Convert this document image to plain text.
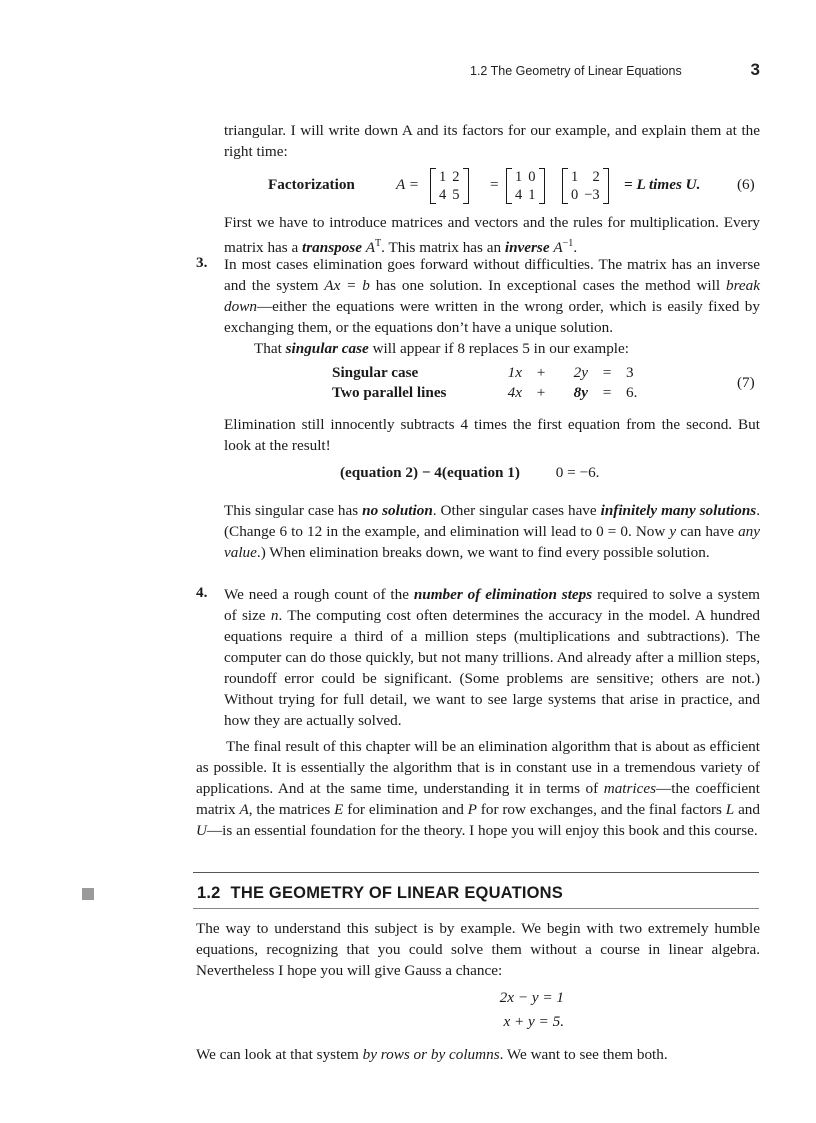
1.2 The Geometry of Linear Equations	3

triangular. I will write down A and its factors for our example, and explain them at the right time:

Factorization	A = 1	2
4	5
= 1	0
4	1
1	2
0	−3
= L times U. (6)

First we have to introduce matrices and vectors and the rules for multiplication. Every matrix has a transpose $A^T$. This matrix has an inverse $A^{-1}$.

3. In most cases elimination goes forward without difficulties. The matrix has an inverse and the system Ax = b has one solution. In exceptional cases the method will break down—either the equations were written in the wrong order, which is easily fixed by exchanging them, or the equations don’t have a unique solution.

That singular case will appear if 8 replaces 5 in our example:

Singular case	1x	+	2y	=	3
Two parallel lines	4x	+	8y	=	6.
(7)

Elimination still innocently subtracts 4 times the first equation from the second. But look at the result!

(equation 2) − 4(equation 1) 0 = −6.

This singular case has no solution. Other singular cases have infinitely many solutions. (Change 6 to 12 in the example, and elimination will lead to 0 = 0. Now y can have any value.) When elimination breaks down, we want to find every possible solution.

4. We need a rough count of the number of elimination steps required to solve a system of size n. The computing cost often determines the accuracy in the model. A hundred equations require a third of a million steps (multiplications and subtractions). The computer can do those quickly, but not many trillions. And already after a million steps, roundoff error could be significant. (Some problems are sensitive; others are not.) Without trying for full detail, we want to see large systems that arise in practice, and how they are actually solved.

The final result of this chapter will be an elimination algorithm that is about as efficient as possible. It is essentially the algorithm that is in constant use in a tremendous variety of applications. And at the same time, understanding it in terms of matrices—the coefficient matrix A, the matrices E for elimination and P for row exchanges, and the final factors L and U—is an essential foundation for the theory. I hope you will enjoy this book and this course.

1.2 THE GEOMETRY OF LINEAR EQUATIONS

The way to understand this subject is by example. We begin with two extremely humble equations, recognizing that you could solve them without a course in linear algebra. Nevertheless I hope you will give Gauss a chance:

2x − y = 1
x + y = 5.

We can look at that system by rows or by columns. We want to see them both.
